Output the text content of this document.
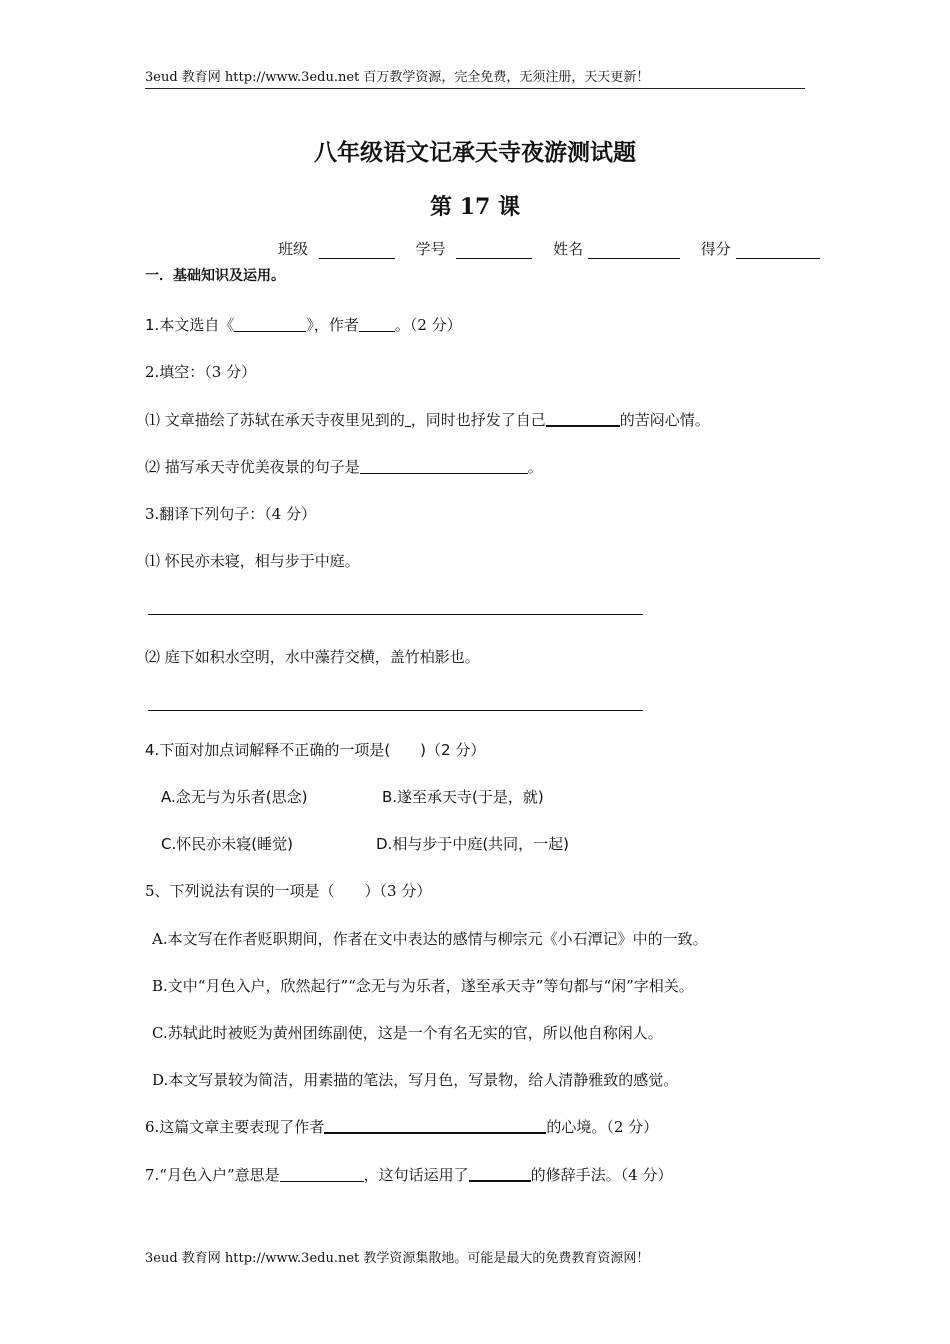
3eud 教育网 http://www.3edu.net 百万教学资源，完全免费，无须注册，天天更新！
八年级语文记承天寺夜游测试题
第 17 课
班级	学号	姓名	得分
一．基础知识及运用。
1.本文选自《	》，作者 。（2 分）
2.填空：（3 分）
⑴ 文章描绘了苏轼在承天寺夜里见到的 ，同时也抒发了自己	的苦闷心情。
⑵ 描写承天寺优美夜景的句子是	。
3.翻译下列句子：（4 分）
⑴ 怀民亦未寝，相与步于中庭。
⑵ 庭下如积水空明，水中藻荇交横，盖竹柏影也。
4.下面对加点词解释不正确的一项是(　　)（2 分）
A.念无与为乐者(思念)	B.遂至承天寺(于是，就)
C.怀民亦未寝(睡觉)	D.相与步于中庭(共同，一起)
5、下列说法有误的一项是（　　）（3 分）
A.本文写在作者贬职期间，作者在文中表达的感情与柳宗元《小石潭记》中的一致。
B.文中“月色入户，欣然起行”“念无与为乐者，遂至承天寺”等句都与“闲”字相关。
C.苏轼此时被贬为黄州团练副使，这是一个有名无实的官，所以他自称闲人。
D.本文写景较为简洁，用素描的笔法，写月色，写景物，给人清静雅致的感觉。
6.这篇文章主要表现了作者	的心境。（2 分）
7.“月色入户”意思是	，这句话运用了	的修辞手法。（4 分）
3eud 教育网 http://www.3edu.net 教学资源集散地。可能是最大的免费教育资源网！
